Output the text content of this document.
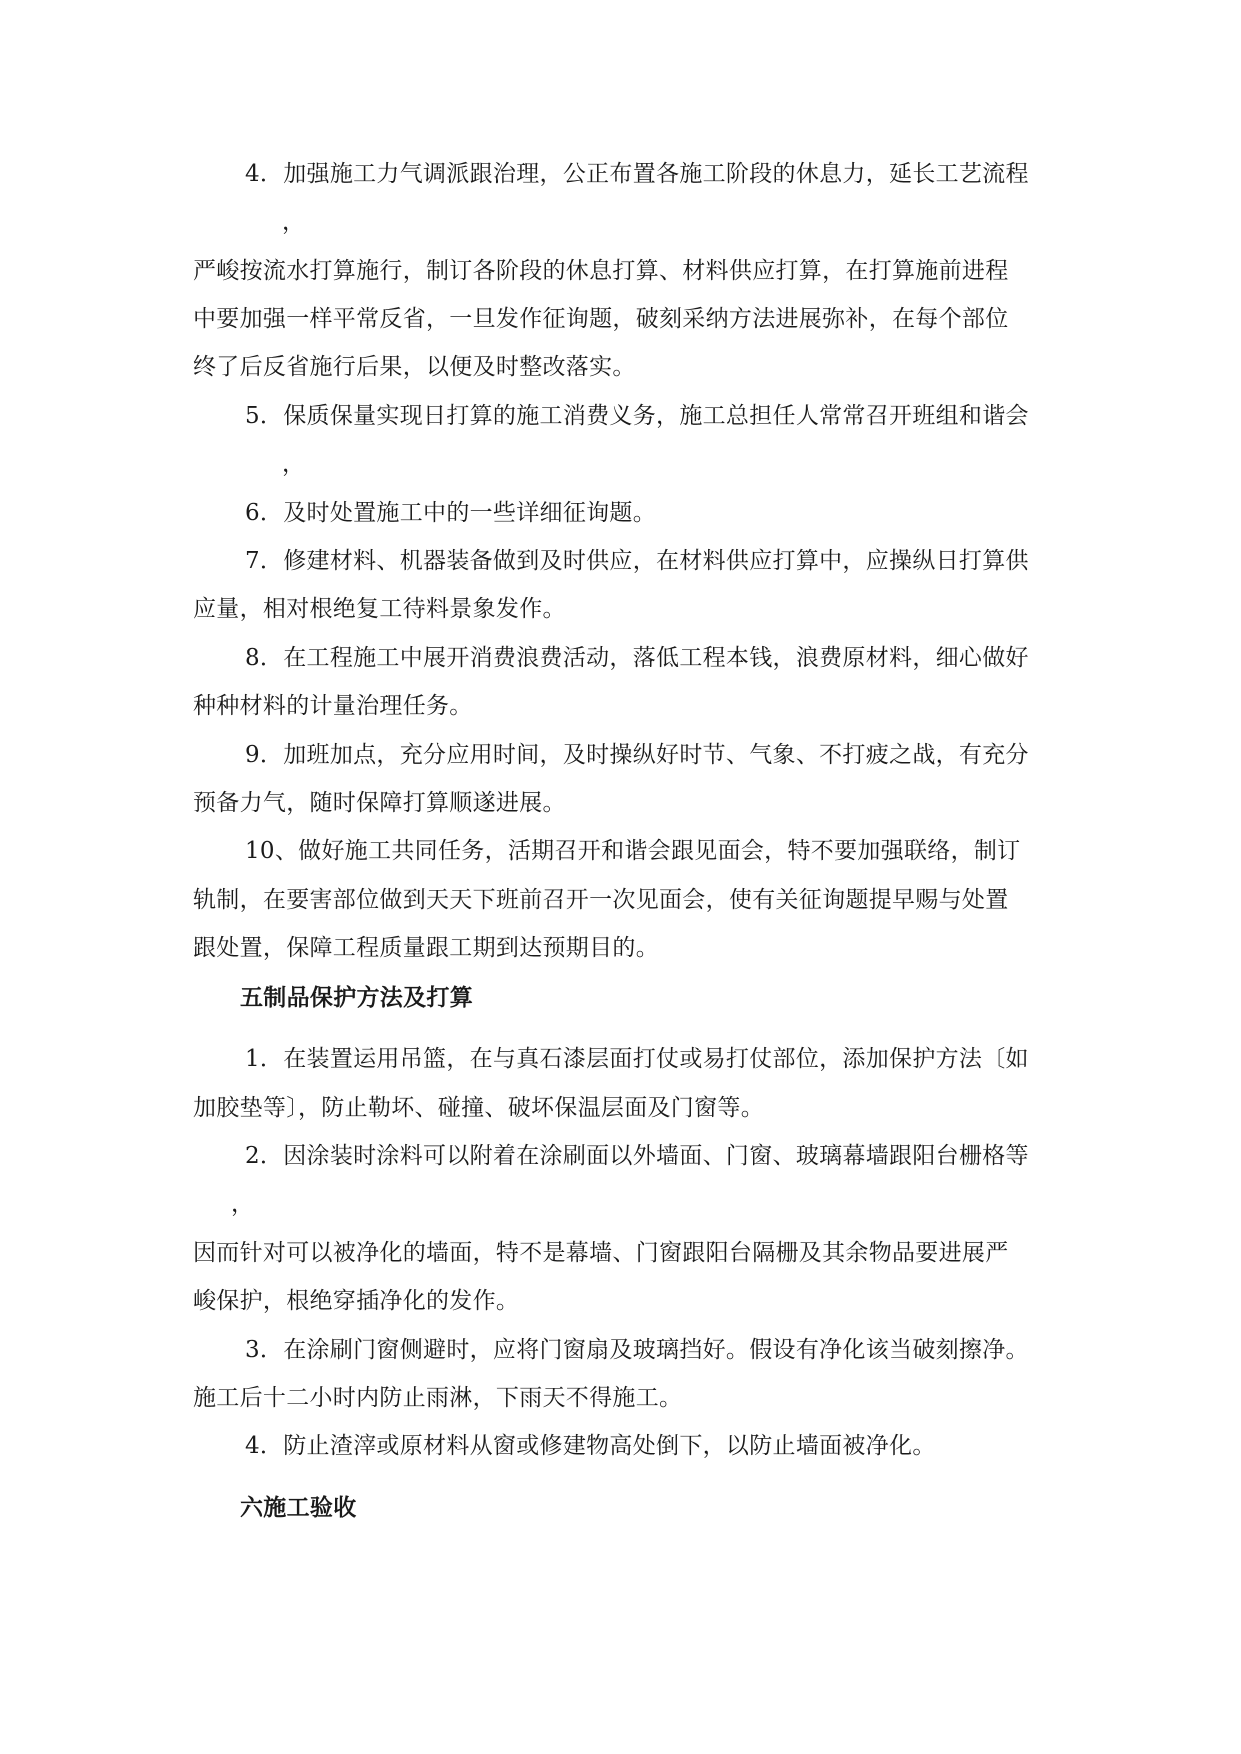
4．加强施工力气调派跟治理，公正布置各施工阶段的休息力，延长工艺流程
，
严峻按流水打算施行，制订各阶段的休息打算、材料供应打算，在打算施前进程
中要加强一样平常反省，一旦发作征询题，破刻采纳方法进展弥补，在每个部位
终了后反省施行后果，以便及时整改落实。
5．保质保量实现日打算的施工消费义务，施工总担任人常常召开班组和谐会
，
6．及时处置施工中的一些详细征询题。
7．修建材料、机器装备做到及时供应，在材料供应打算中，应操纵日打算供
应量，相对根绝复工待料景象发作。
8．在工程施工中展开消费浪费活动，落低工程本钱，浪费原材料，细心做好
种种材料的计量治理任务。
9．加班加点，充分应用时间，及时操纵好时节、气象、不打疲之战，有充分
预备力气，随时保障打算顺遂进展。
10、做好施工共同任务，活期召开和谐会跟见面会，特不要加强联络，制订
轨制，在要害部位做到天天下班前召开一次见面会，使有关征询题提早赐与处置
跟处置，保障工程质量跟工期到达预期目的。
五制品保护方法及打算
1．在装置运用吊篮，在与真石漆层面打仗或易打仗部位，添加保护方法〔如
加胶垫等〕，防止勒坏、碰撞、破坏保温层面及门窗等。
2．因涂装时涂料可以附着在涂刷面以外墙面、门窗、玻璃幕墙跟阳台栅格等
，
因而针对可以被净化的墙面，特不是幕墙、门窗跟阳台隔栅及其余物品要进展严
峻保护，根绝穿插净化的发作。
3．在涂刷门窗侧避时，应将门窗扇及玻璃挡好。假设有净化该当破刻擦净。
施工后十二小时内防止雨淋，下雨天不得施工。
4．防止渣滓或原材料从窗或修建物高处倒下，以防止墙面被净化。
六施工验收
